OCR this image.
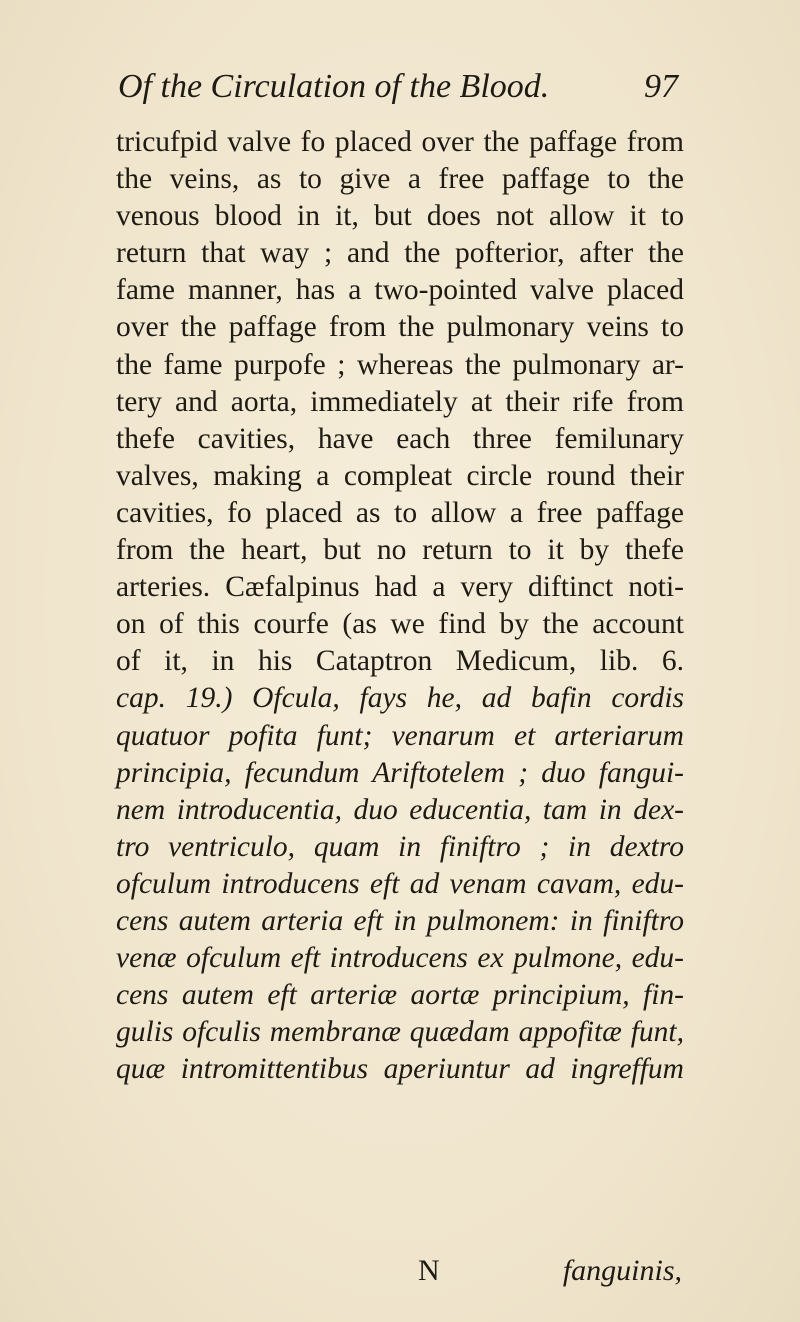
Of the Circulation of the Blood.	97
tricufpid valve fo placed over the paffage from
the veins, as to give a free paffage to the
venous blood in it, but does not allow it to
return that way ; and the pofterior, after the
fame manner, has a two-pointed valve placed
over the paffage from the pulmonary veins to
the fame purpofe ; whereas the pulmonary ar-
tery and aorta, immediately at their rife from
thefe cavities, have each three femilunary
valves, making a compleat circle round their
cavities, fo placed as to allow a free paffage
from the heart, but no return to it by thefe
arteries. Cæfalpinus had a very diftinct noti-
on of this courfe (as we find by the account
of it, in his Cataptron Medicum, lib. 6.
cap. 19.) Ofcula, fays he, ad bafin cordis
quatuor pofita funt; venarum et arteriarum
principia, fecundum Ariftotelem ; duo fangui-
nem introducentia, duo educentia, tam in dex-
tro ventriculo, quam in finiftro ; in dextro
ofculum introducens eft ad venam cavam, edu-
cens autem arteria eft in pulmonem: in finiftro
venæ ofculum eft introducens ex pulmone, edu-
cens autem eft arteriæ aortæ principium, fin-
gulis ofculis membranæ quædam appofitæ funt,
quæ intromittentibus aperiuntur ad ingreffum
N	fanguinis,
